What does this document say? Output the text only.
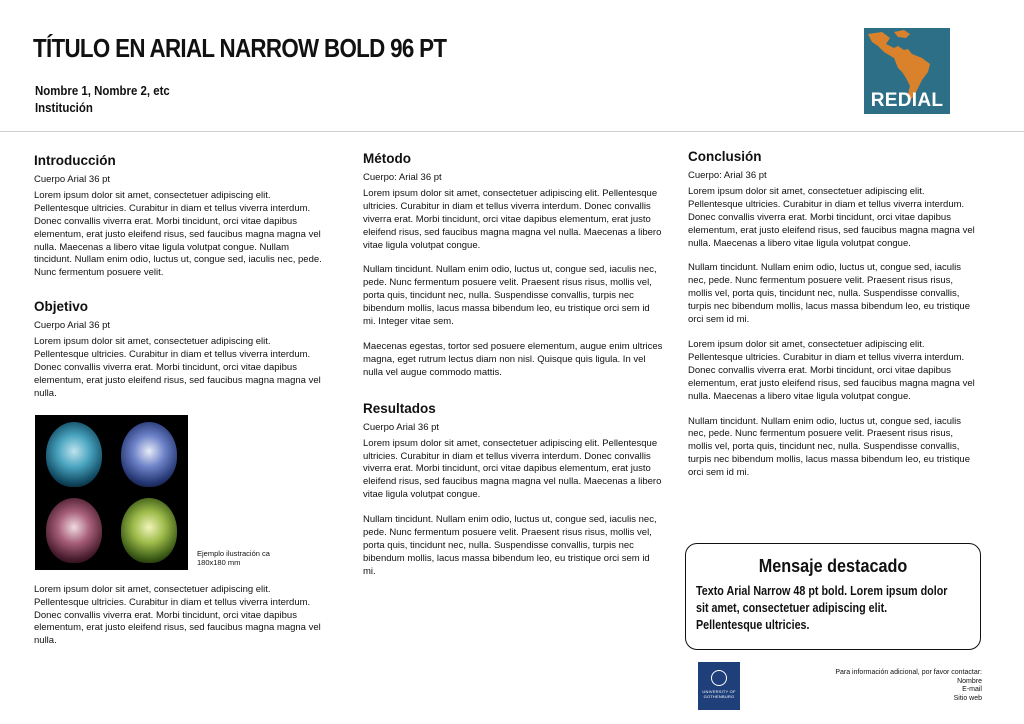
TÍTULO EN ARIAL NARROW BOLD 96 PT
Nombre 1, Nombre 2, etc
Institución	REDIAL
Introducción
Cuerpo Arial 36 pt

Lorem ipsum dolor sit amet, consectetuer adipiscing elit. Pellentesque ultricies. Curabitur in diam et tellus viverra interdum. Donec convallis viverra erat. Morbi tincidunt, orci vitae dapibus elementum, erat justo eleifend risus, sed faucibus magna magna vel nulla. Maecenas a libero vitae ligula volutpat congue. Nullam tincidunt. Nullam enim odio, luctus ut, congue sed, iaculis nec, pede. Nunc fermentum posuere velit.

Objetivo
Cuerpo Arial 36 pt

Lorem ipsum dolor sit amet, consectetuer adipiscing elit. Pellentesque ultricies. Curabitur in diam et tellus viverra interdum. Donec convallis viverra erat. Morbi tincidunt, orci vitae dapibus elementum, erat justo eleifend risus, sed faucibus magna magna vel nulla.

Ejemplo ilustración ca
180x180 mm

Lorem ipsum dolor sit amet, consectetuer adipiscing elit. Pellentesque ultricies. Curabitur in diam et tellus viverra interdum. Donec convallis viverra erat. Morbi tincidunt, orci vitae dapibus elementum, erat justo eleifend risus, sed faucibus magna magna vel nulla.

Método
Cuerpo: Arial 36 pt

Lorem ipsum dolor sit amet, consectetuer adipiscing elit. Pellentesque ultricies. Curabitur in diam et tellus viverra interdum. Donec convallis viverra erat. Morbi tincidunt, orci vitae dapibus elementum, erat justo eleifend risus, sed faucibus magna magna vel nulla. Maecenas a libero vitae ligula volutpat congue.

Nullam tincidunt. Nullam enim odio, luctus ut, congue sed, iaculis nec, pede. Nunc fermentum posuere velit. Praesent risus risus, mollis vel, porta quis, tincidunt nec, nulla. Suspendisse convallis, turpis nec bibendum mollis, lacus massa bibendum leo, eu tristique orci sem id mi. Integer vitae sem.

Maecenas egestas, tortor sed posuere elementum, augue enim ultrices magna, eget rutrum lectus diam non nisl. Quisque quis ligula. In vel nulla vel augue commodo mattis.

Resultados
Cuerpo Arial 36 pt

Lorem ipsum dolor sit amet, consectetuer adipiscing elit. Pellentesque ultricies. Curabitur in diam et tellus viverra interdum. Donec convallis viverra erat. Morbi tincidunt, orci vitae dapibus elementum, erat justo eleifend risus, sed faucibus magna magna vel nulla. Maecenas a libero vitae ligula volutpat congue.

Nullam tincidunt. Nullam enim odio, luctus ut, congue sed, iaculis nec, pede. Nunc fermentum posuere velit. Praesent risus risus, mollis vel, porta quis, tincidunt nec, nulla. Suspendisse convallis, turpis nec bibendum mollis, lacus massa bibendum leo, eu tristique orci sem id mi.

Conclusión
Cuerpo: Arial 36 pt

Lorem ipsum dolor sit amet, consectetuer adipiscing elit. Pellentesque ultricies. Curabitur in diam et tellus viverra interdum. Donec convallis viverra erat. Morbi tincidunt, orci vitae dapibus elementum, erat justo eleifend risus, sed faucibus magna magna vel nulla. Maecenas a libero vitae ligula volutpat congue.

Nullam tincidunt. Nullam enim odio, luctus ut, congue sed, iaculis nec, pede. Nunc fermentum posuere velit. Praesent risus risus, mollis vel, porta quis, tincidunt nec, nulla. Suspendisse convallis, turpis nec bibendum mollis, lacus massa bibendum leo, eu tristique orci sem id mi.

Lorem ipsum dolor sit amet, consectetuer adipiscing elit. Pellentesque ultricies. Curabitur in diam et tellus viverra interdum. Donec convallis viverra erat. Morbi tincidunt, orci vitae dapibus elementum, erat justo eleifend risus, sed faucibus magna magna vel nulla. Maecenas a libero vitae ligula volutpat congue.

Nullam tincidunt. Nullam enim odio, luctus ut, congue sed, iaculis nec, pede. Nunc fermentum posuere velit. Praesent risus risus, mollis vel, porta quis, tincidunt nec, nulla. Suspendisse convallis, turpis nec bibendum mollis, lacus massa bibendum leo, eu tristique orci sem id mi.

Mensaje destacado
Texto Arial Narrow 48 pt bold. Lorem ipsum dolor sit amet, consectetuer adipiscing elit. Pellentesque ultricies.
UNIVERSITY OF
GOTHENBURG
Para información adicional, por favor contactar:
Nombre
E-mail
Sitio web
